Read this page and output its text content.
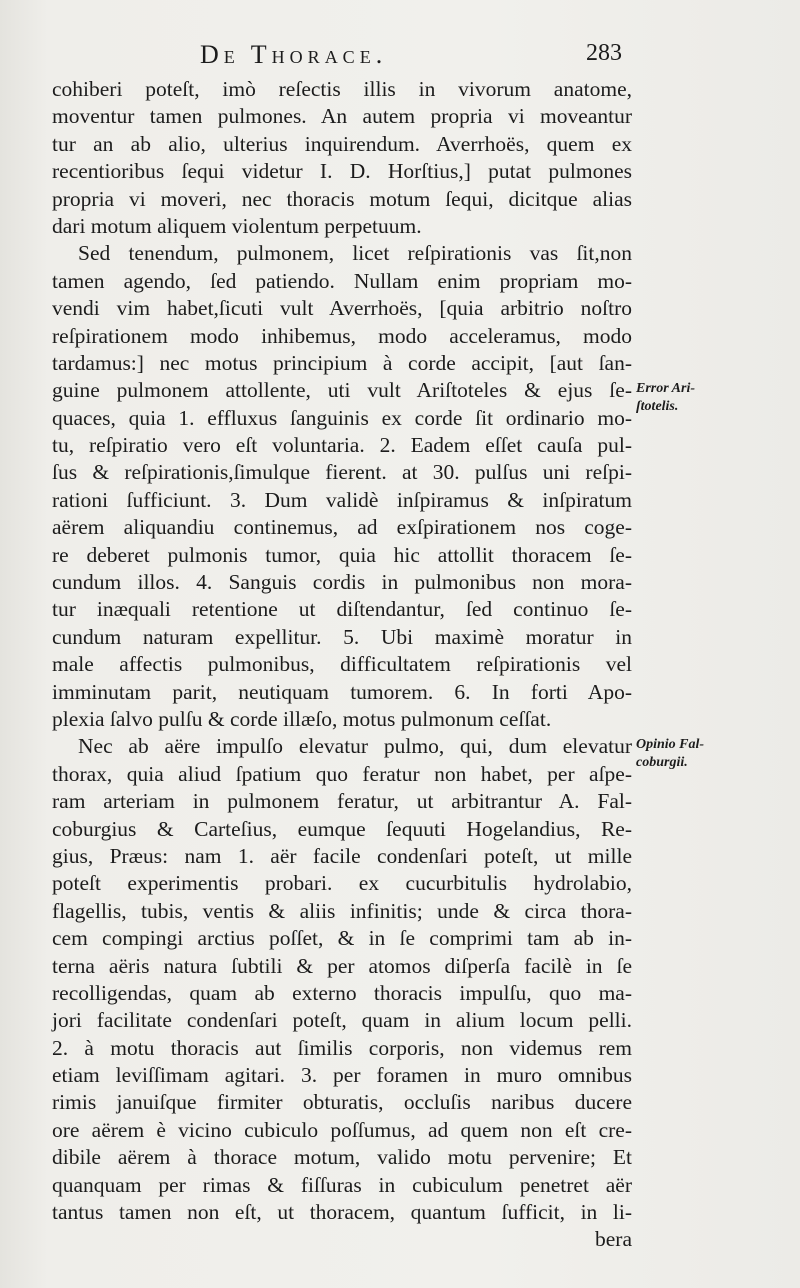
De Thorace.	283
cohiberi poteſt, imò reſectis illis in vivorum anatome,
moventur tamen pulmones. An autem propria vi moveantur
tur an ab alio, ulterius inquirendum. Averrhoës, quem ex
recentioribus ſequi videtur I. D. Horſtius,] putat pulmones
propria vi moveri, nec thoracis motum ſequi, dicitque alias
dari motum aliquem violentum perpetuum.
Sed tenendum, pulmonem, licet reſpirationis vas ſit,non
tamen agendo, ſed patiendo. Nullam enim propriam mo-
vendi vim habet,ſicuti vult Averrhoës, [quia arbitrio noſtro
reſpirationem modo inhibemus, modo acceleramus, modo
tardamus:] nec motus principium à corde accipit, [aut ſan-
guine pulmonem attollente, uti vult Ariſtoteles & ejus ſe-
quaces, quia 1. effluxus ſanguinis ex corde ſit ordinario mo-
tu, reſpiratio vero eſt voluntaria. 2. Eadem eſſet cauſa pul-
ſus & reſpirationis,ſimulque fierent. at 30. pulſus uni reſpi-
rationi ſufficiunt. 3. Dum validè inſpiramus & inſpiratum
aërem aliquandiu continemus, ad exſpirationem nos coge-
re deberet pulmonis tumor, quia hic attollit thoracem ſe-
cundum illos. 4. Sanguis cordis in pulmonibus non mora-
tur inæquali retentione ut diſtendantur, ſed continuo ſe-
cundum naturam expellitur. 5. Ubi maximè moratur in
male affectis pulmonibus, difficultatem reſpirationis vel
imminutam parit, neutiquam tumorem. 6. In forti Apo-
plexia ſalvo pulſu & corde illæſo, motus pulmonum ceſſat.
Nec ab aëre impulſo elevatur pulmo, qui, dum elevatur
thorax, quia aliud ſpatium quo feratur non habet, per aſpe-
ram arteriam in pulmonem feratur, ut arbitrantur A. Fal-
coburgius & Carteſius, eumque ſequuti Hogelandius, Re-
gius, Præus: nam 1. aër facile condenſari poteſt, ut mille
poteſt experimentis probari. ex cucurbitulis hydrolabio,
flagellis, tubis, ventis & aliis infinitis; unde & circa thora-
cem compingi arctius poſſet, & in ſe comprimi tam ab in-
terna aëris natura ſubtili & per atomos diſperſa facilè in ſe
recolligendas, quam ab externo thoracis impulſu, quo ma-
jori facilitate condenſari poteſt, quam in alium locum pelli.
2. à motu thoracis aut ſimilis corporis, non videmus rem
etiam leviſſimam agitari. 3. per foramen in muro omnibus
rimis januiſque firmiter obturatis, occluſis naribus ducere
ore aërem è vicino cubiculo poſſumus, ad quem non eſt cre-
dibile aërem à thorace motum, valido motu pervenire; Et
quanquam per rimas & fiſſuras in cubiculum penetret aër
tantus tamen non eſt, ut thoracem, quantum ſufficit, in li-
bera
Error Ari-
ſtotelis.
Opinio Fal-
coburgii.
